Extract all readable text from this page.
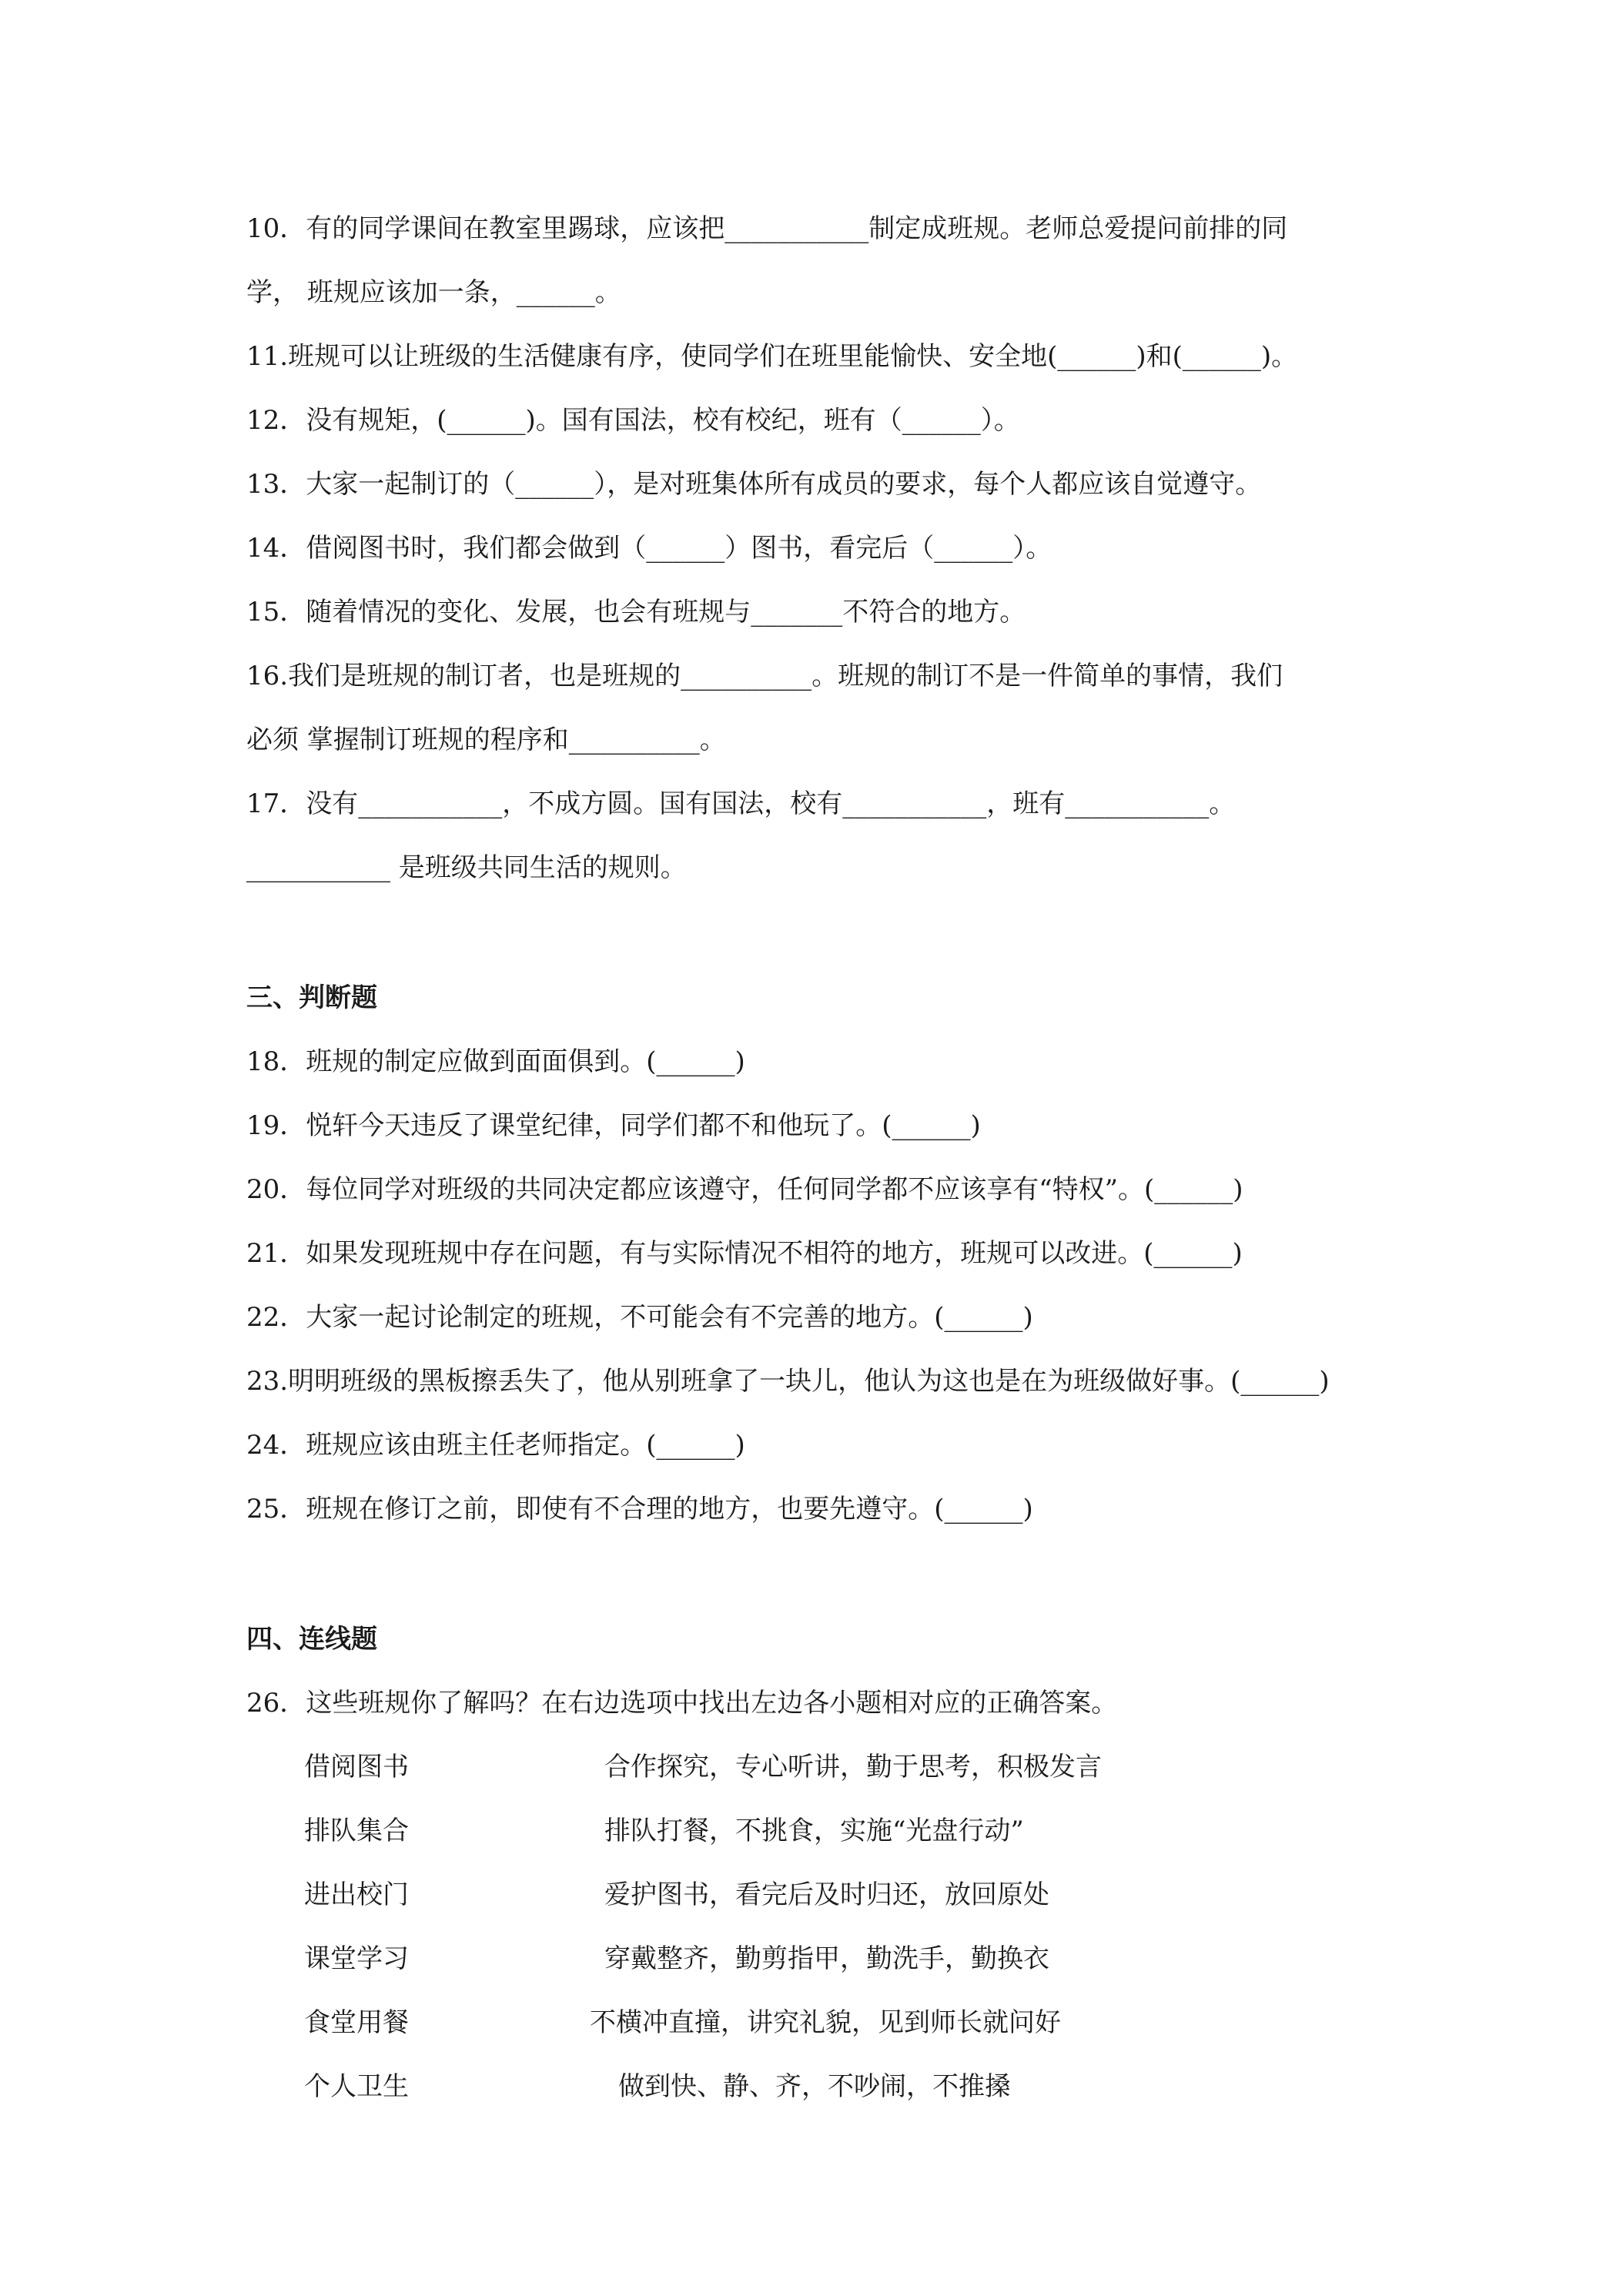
10．有的同学课间在教室里踢球，应该把___________制定成班规。老师总爱提问前排的同
学， 班规应该加一条，______。
11.班规可以让班级的生活健康有序，使同学们在班里能愉快、安全地(______)和(______)。
12．没有规矩，(______)。国有国法，校有校纪，班有（______）。
13．大家一起制订的（______），是对班集体所有成员的要求，每个人都应该自觉遵守。
14．借阅图书时，我们都会做到（______）图书，看完后（______）。
15．随着情况的变化、发展，也会有班规与_______不符合的地方。
16.我们是班规的制订者，也是班规的__________。班规的制订不是一件简单的事情，我们
必须 掌握制订班规的程序和__________。
17．没有___________，不成方圆。国有国法，校有___________，班有___________。
___________ 是班级共同生活的规则。
三、判断题
18．班规的制定应做到面面俱到。(______)
19．悦轩今天违反了课堂纪律，同学们都不和他玩了。(______)
20．每位同学对班级的共同决定都应该遵守，任何同学都不应该享有“特权”。(______)
21．如果发现班规中存在问题，有与实际情况不相符的地方，班规可以改进。(______)
22．大家一起讨论制定的班规，不可能会有不完善的地方。(______)
23.明明班级的黑板擦丢失了，他从别班拿了一块儿，他认为这也是在为班级做好事。(______)
24．班规应该由班主任老师指定。(______)
25．班规在修订之前，即使有不合理的地方，也要先遵守。(______)
四、连线题
26．这些班规你了解吗？在右边选项中找出左边各小题相对应的正确答案。
借阅图书	合作探究，专心听讲，勤于思考，积极发言
排队集合	排队打餐，不挑食，实施“光盘行动”
进出校门	爱护图书，看完后及时归还，放回原处
课堂学习	穿戴整齐，勤剪指甲，勤洗手，勤换衣
食堂用餐	不横冲直撞，讲究礼貌，见到师长就问好
个人卫生	做到快、静、齐，不吵闹，不推搡
